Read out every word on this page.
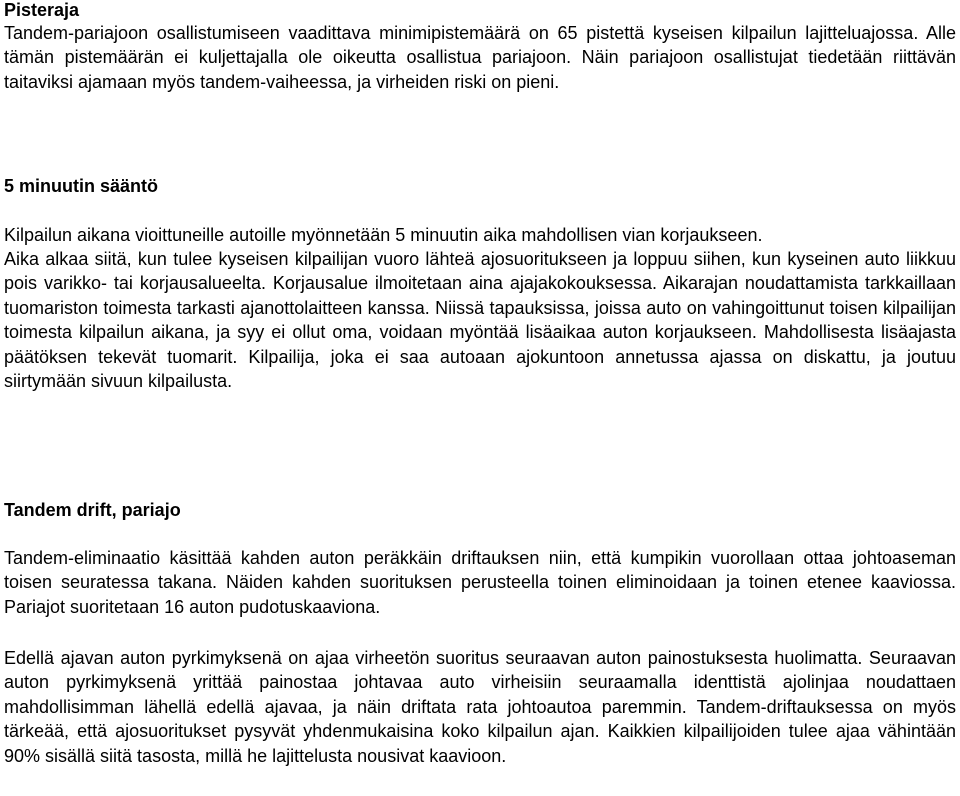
Pisteraja

Tandem-pariajoon osallistumiseen vaadittava minimipistemäärä on 65 pistettä kyseisen kilpailun lajitteluajossa. Alle tämän pistemäärän ei kuljettajalla ole oikeutta osallistua pariajoon. Näin pariajoon osallistujat tiedetään riittävän taitaviksi ajamaan myös tandem-vaiheessa, ja virheiden riski on pieni.

5 minuutin sääntö

Kilpailun aikana vioittuneille autoille myönnetään 5 minuutin aika mahdollisen vian korjaukseen.

Aika alkaa siitä, kun tulee kyseisen kilpailijan vuoro lähteä ajosuoritukseen ja loppuu siihen, kun kyseinen auto liikkuu pois varikko- tai korjausalueelta. Korjausalue ilmoitetaan aina ajajakokouksessa. Aikarajan noudattamista tarkkaillaan tuomariston toimesta tarkasti ajanottolaitteen kanssa. Niissä tapauksissa, joissa auto on vahingoittunut toisen kilpailijan toimesta kilpailun aikana, ja syy ei ollut oma, voidaan myöntää lisäaikaa auton korjaukseen. Mahdollisesta lisäajasta päätöksen tekevät tuomarit. Kilpailija, joka ei saa autoaan ajokuntoon annetussa ajassa on diskattu, ja joutuu siirtymään sivuun kilpailusta.

Tandem drift, pariajo

Tandem-eliminaatio käsittää kahden auton peräkkäin driftauksen niin, että kumpikin vuorollaan ottaa johtoaseman toisen seuratessa takana. Näiden kahden suorituksen perusteella toinen eliminoidaan ja toinen etenee kaaviossa. Pariajot suoritetaan 16 auton pudotuskaaviona.

Edellä ajavan auton pyrkimyksenä on ajaa virheetön suoritus seuraavan auton painostuksesta huolimatta. Seuraavan auton pyrkimyksenä yrittää painostaa johtavaa auto virheisiin seuraamalla identtistä ajolinjaa noudattaen mahdollisimman lähellä edellä ajavaa, ja näin driftata rata johtoautoa paremmin. Tandem-driftauksessa on myös tärkeää, että ajosuoritukset pysyvät yhdenmukaisina koko kilpailun ajan. Kaikkien kilpailijoiden tulee ajaa vähintään 90% sisällä siitä tasosta, millä he lajittelusta nousivat kaavioon.
